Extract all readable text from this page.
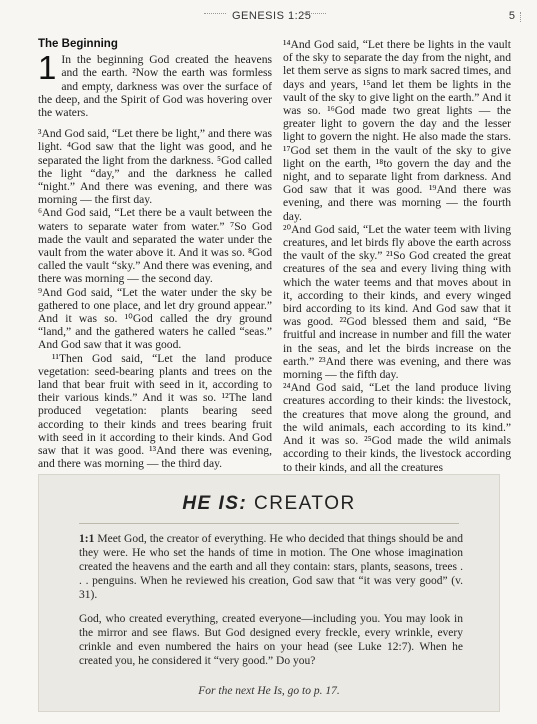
GENESIS 1:25	5
The Beginning
1 In the beginning God created the heavens and the earth. ²Now the earth was formless and empty, darkness was over the surface of the deep, and the Spirit of God was hovering over the waters.

³And God said, “Let there be light,” and there was light. ⁴God saw that the light was good, and he separated the light from the darkness. ⁵God called the light “day,” and the darkness he called “night.” And there was evening, and there was morning — the first day.

⁶And God said, “Let there be a vault between the waters to separate water from water.” ⁷So God made the vault and separated the water under the vault from the water above it. And it was so. ⁸God called the vault “sky.” And there was evening, and there was morning — the second day.

⁹And God said, “Let the water under the sky be gathered to one place, and let dry ground appear.” And it was so. ¹⁰God called the dry ground “land,” and the gathered waters he called “seas.” And God saw that it was good.

¹¹Then God said, “Let the land produce vegetation: seed-bearing plants and trees on the land that bear fruit with seed in it, according to their various kinds.” And it was so. ¹²The land produced vegetation: plants bearing seed according to their kinds and trees bearing fruit with seed in it according to their kinds. And God saw that it was good. ¹³And there was evening, and there was morning — the third day.

¹⁴And God said, “Let there be lights in the vault of the sky to separate the day from the night, and let them serve as signs to mark sacred times, and days and years, ¹⁵and let them be lights in the vault of the sky to give light on the earth.” And it was so. ¹⁶God made two great lights — the greater light to govern the day and the lesser light to govern the night. He also made the stars. ¹⁷God set them in the vault of the sky to give light on the earth, ¹⁸to govern the day and the night, and to separate light from darkness. And God saw that it was good. ¹⁹And there was evening, and there was morning — the fourth day.

²⁰And God said, “Let the water teem with living creatures, and let birds fly above the earth across the vault of the sky.” ²¹So God created the great creatures of the sea and every living thing with which the water teems and that moves about in it, according to their kinds, and every winged bird according to its kind. And God saw that it was good. ²²God blessed them and said, “Be fruitful and increase in number and fill the water in the seas, and let the birds increase on the earth.” ²³And there was evening, and there was morning — the fifth day.

²⁴And God said, “Let the land produce living creatures according to their kinds: the livestock, the creatures that move along the ground, and the wild animals, each according to its kind.” And it was so. ²⁵God made the wild animals according to their kinds, the livestock according to their kinds, and all the creatures

HE IS: CREATOR

1:1 Meet God, the creator of everything. He who decided that things should be and they were. He who set the hands of time in motion. The One whose imagination created the heavens and the earth and all they contain: stars, plants, seasons, trees . . . penguins. When he reviewed his creation, God saw that “it was very good” (v. 31).

God, who created everything, created everyone—including you. You may look in the mirror and see flaws. But God designed every freckle, every wrinkle, every crinkle and even numbered the hairs on your head (see Luke 12:7). When he created you, he considered it “very good.” Do you?

For the next He Is, go to p. 17.
